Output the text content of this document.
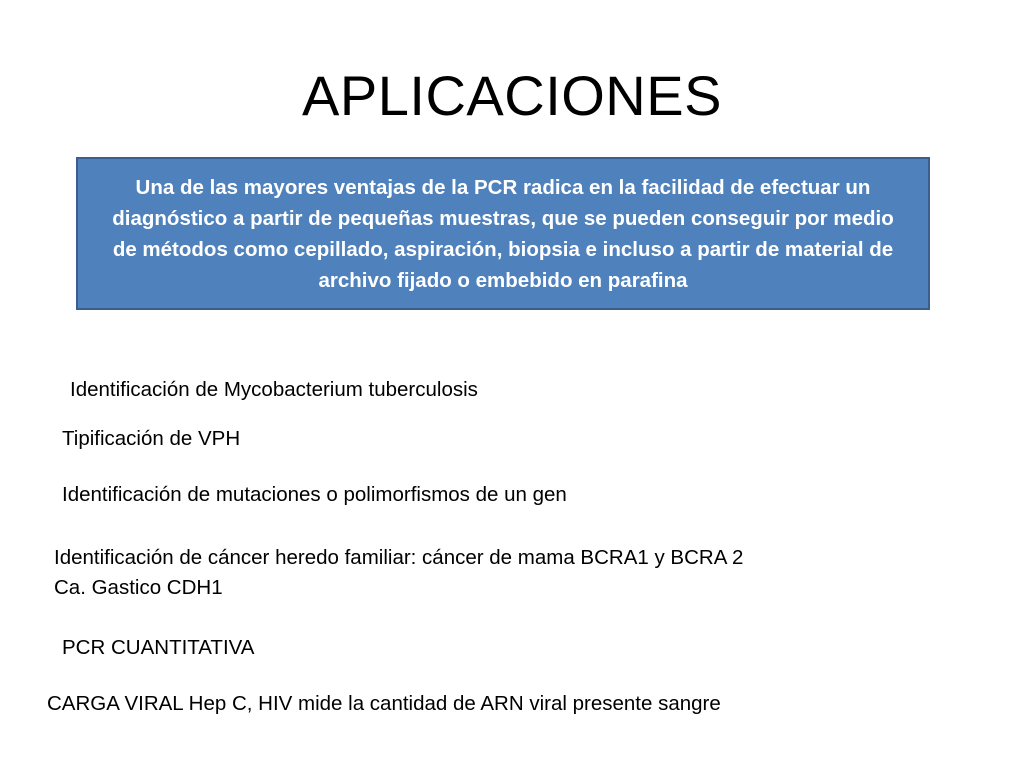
APLICACIONES
Una de las mayores ventajas de la PCR radica en la facilidad de efectuar un diagnóstico a partir de pequeñas muestras, que se pueden conseguir por medio de métodos como cepillado, aspiración, biopsia e incluso a partir de material de archivo fijado o embebido en parafina
Identificación de Mycobacterium tuberculosis
Tipificación de VPH
Identificación de mutaciones o polimorfismos de un gen
Identificación de cáncer heredo familiar: cáncer de mama BCRA1 y BCRA 2
Ca. Gastico CDH1
PCR CUANTITATIVA
CARGA VIRAL Hep C, HIV mide la cantidad de ARN viral presente sangre
